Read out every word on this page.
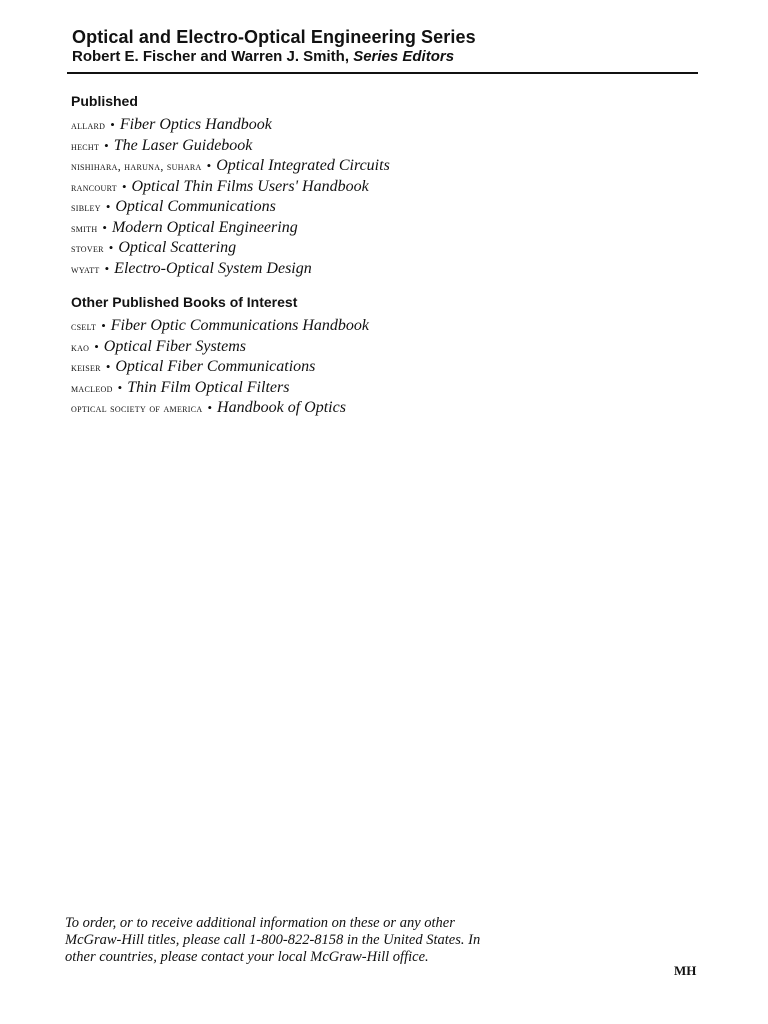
Optical and Electro-Optical Engineering Series

Robert E. Fischer and Warren J. Smith, Series Editors

Published
allard • Fiber Optics Handbook
hecht • The Laser Guidebook
nishihara, haruna, suhara • Optical Integrated Circuits
rancourt • Optical Thin Films Users' Handbook
sibley • Optical Communications
smith • Modern Optical Engineering
stover • Optical Scattering
wyatt • Electro-Optical System Design
Other Published Books of Interest
cselt • Fiber Optic Communications Handbook
kao • Optical Fiber Systems
keiser • Optical Fiber Communications
macleod • Thin Film Optical Filters
optical society of america • Handbook of Optics

To order, or to receive additional information on these or any other McGraw-Hill titles, please call 1-800-822-8158 in the United States. In other countries, please contact your local McGraw-Hill office.

MH
